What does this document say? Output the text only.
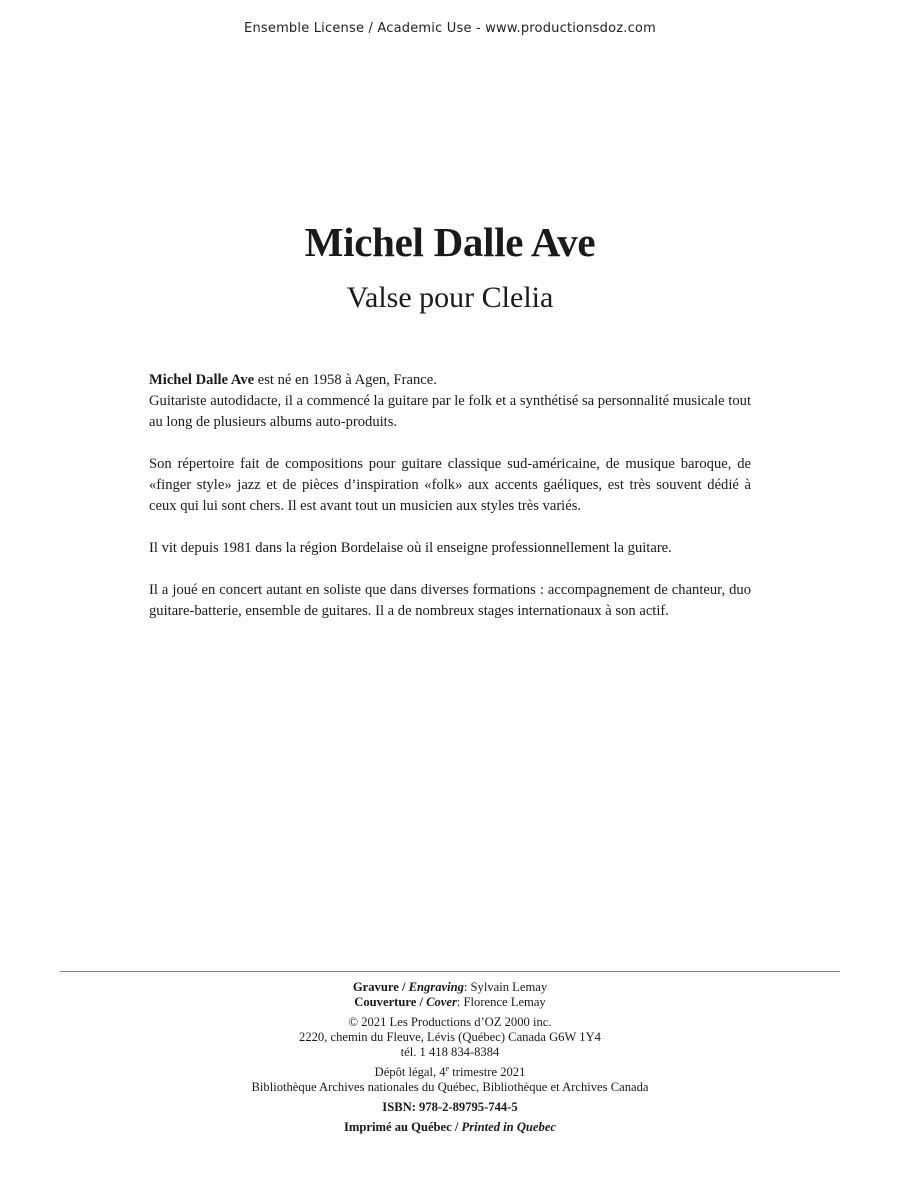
Ensemble License / Academic Use - www.productionsdoz.com
Michel Dalle Ave
Valse pour Clelia

Michel Dalle Ave est né en 1958 à Agen, France.
Guitariste autodidacte, il a commencé la guitare par le folk et a synthétisé sa personnalité musicale tout au long de plusieurs albums auto-produits.

Son répertoire fait de compositions pour guitare classique sud-américaine, de musique baroque, de «finger style» jazz et de pièces d’inspiration «folk» aux accents gaéliques, est très souvent dédié à ceux qui lui sont chers. Il est avant tout un musicien aux styles très variés.

Il vit depuis 1981 dans la région Bordelaise où il enseigne professionnellement la guitare.

Il a joué en concert autant en soliste que dans diverses formations : accompagnement de chanteur, duo guitare-batterie, ensemble de guitares. Il a de nombreux stages internationaux à son actif.

Gravure / Engraving: Sylvain Lemay
Couverture / Cover: Florence Lemay
© 2021 Les Productions d’OZ 2000 inc.
2220, chemin du Fleuve, Lévis (Québec) Canada G6W 1Y4
tél. 1 418 834-8384
Dépôt légal, 4e trimestre 2021
Bibliothèque Archives nationales du Québec, Bibliothèque et Archives Canada
ISBN: 978-2-89795-744-5
Imprimé au Québec / Printed in Quebec
